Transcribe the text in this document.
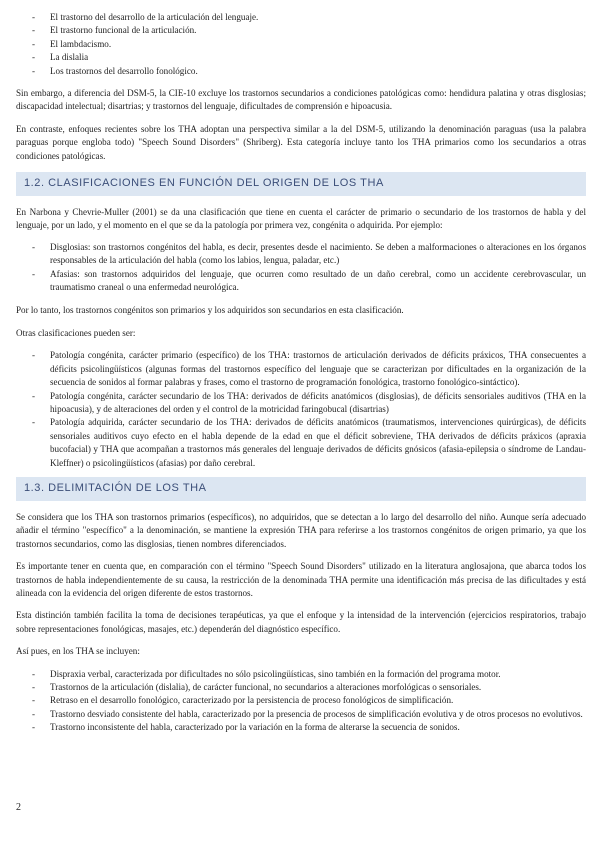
- El trastorno del desarrollo de la articulación del lenguaje.
- El trastorno funcional de la articulación.
- El lambdacismo.
- La dislalia
- Los trastornos del desarrollo fonológico.

Sin embargo, a diferencia del DSM-5, la CIE-10 excluye los trastornos secundarios a condiciones patológicas como: hendidura palatina y otras disglosias; discapacidad intelectual; disartrias; y trastornos del lenguaje, dificultades de comprensión e hipoacusia.

En contraste, enfoques recientes sobre los THA adoptan una perspectiva similar a la del DSM-5, utilizando la denominación paraguas (usa la palabra paraguas porque engloba todo) "Speech Sound Disorders" (Shriberg). Esta categoría incluye tanto los THA primarios como los secundarios a otras condiciones patológicas.

1.2. CLASIFICACIONES EN FUNCIÓN DEL ORIGEN DE LOS THA

En Narbona y Chevrie-Muller (2001) se da una clasificación que tiene en cuenta el carácter de primario o secundario de los trastornos de habla y del lenguaje, por un lado, y el momento en el que se da la patología por primera vez, congénita o adquirida. Por ejemplo:

- Disglosias: son trastornos congénitos del habla, es decir, presentes desde el nacimiento. Se deben a malformaciones o alteraciones en los órganos responsables de la articulación del habla (como los labios, lengua, paladar, etc.)
- Afasias: son trastornos adquiridos del lenguaje, que ocurren como resultado de un daño cerebral, como un accidente cerebrovascular, un traumatismo craneal o una enfermedad neurológica.

Por lo tanto, los trastornos congénitos son primarios y los adquiridos son secundarios en esta clasificación.

Otras clasificaciones pueden ser:

- Patología congénita, carácter primario (específico) de los THA: trastornos de articulación derivados de déficits práxicos, THA consecuentes a déficits psicolingüísticos (algunas formas del trastornos específico del lenguaje que se caracterizan por dificultades en la organización de la secuencia de sonidos al formar palabras y frases, como el trastorno de programación fonológica, trastorno fonológico-sintáctico).
- Patología congénita, carácter secundario de los THA: derivados de déficits anatómicos (disglosias), de déficits sensoriales auditivos (THA en la hipoacusia), y de alteraciones del orden y el control de la motricidad faringobucal (disartrias)
- Patología adquirida, carácter secundario de los THA: derivados de déficits anatómicos (traumatismos, intervenciones quirúrgicas), de déficits sensoriales auditivos cuyo efecto en el habla depende de la edad en que el déficit sobreviene, THA derivados de déficits práxicos (apraxia bucofacial) y THA que acompañan a trastornos más generales del lenguaje derivados de déficits gnósicos (afasia-epilepsia o síndrome de Landau-Kleffner) o psicolingüísticos (afasias) por daño cerebral.
1.3. DELIMITACIÓN DE LOS THA

Se considera que los THA son trastornos primarios (específicos), no adquiridos, que se detectan a lo largo del desarrollo del niño. Aunque sería adecuado añadir el término "específico" a la denominación, se mantiene la expresión THA para referirse a los trastornos congénitos de origen primario, ya que los trastornos secundarios, como las disglosias, tienen nombres diferenciados.

Es importante tener en cuenta que, en comparación con el término "Speech Sound Disorders" utilizado en la literatura anglosajona, que abarca todos los trastornos de habla independientemente de su causa, la restricción de la denominada THA permite una identificación más precisa de las dificultades y está alineada con la evidencia del origen diferente de estos trastornos.

Esta distinción también facilita la toma de decisiones terapéuticas, ya que el enfoque y la intensidad de la intervención (ejercicios respiratorios, trabajo sobre representaciones fonológicas, masajes, etc.) dependerán del diagnóstico específico.

Así pues, en los THA se incluyen:

- Dispraxia verbal, caracterizada por dificultades no sólo psicolingüísticas, sino también en la formación del programa motor.
- Trastornos de la articulación (dislalia), de carácter funcional, no secundarios a alteraciones morfológicas o sensoriales.
- Retraso en el desarrollo fonológico, caracterizado por la persistencia de proceso fonológicos de simplificación.
- Trastorno desviado consistente del habla, caracterizado por la presencia de procesos de simplificación evolutiva y de otros procesos no evolutivos.
- Trastorno inconsistente del habla, caracterizado por la variación en la forma de alterarse la secuencia de sonidos.
2
